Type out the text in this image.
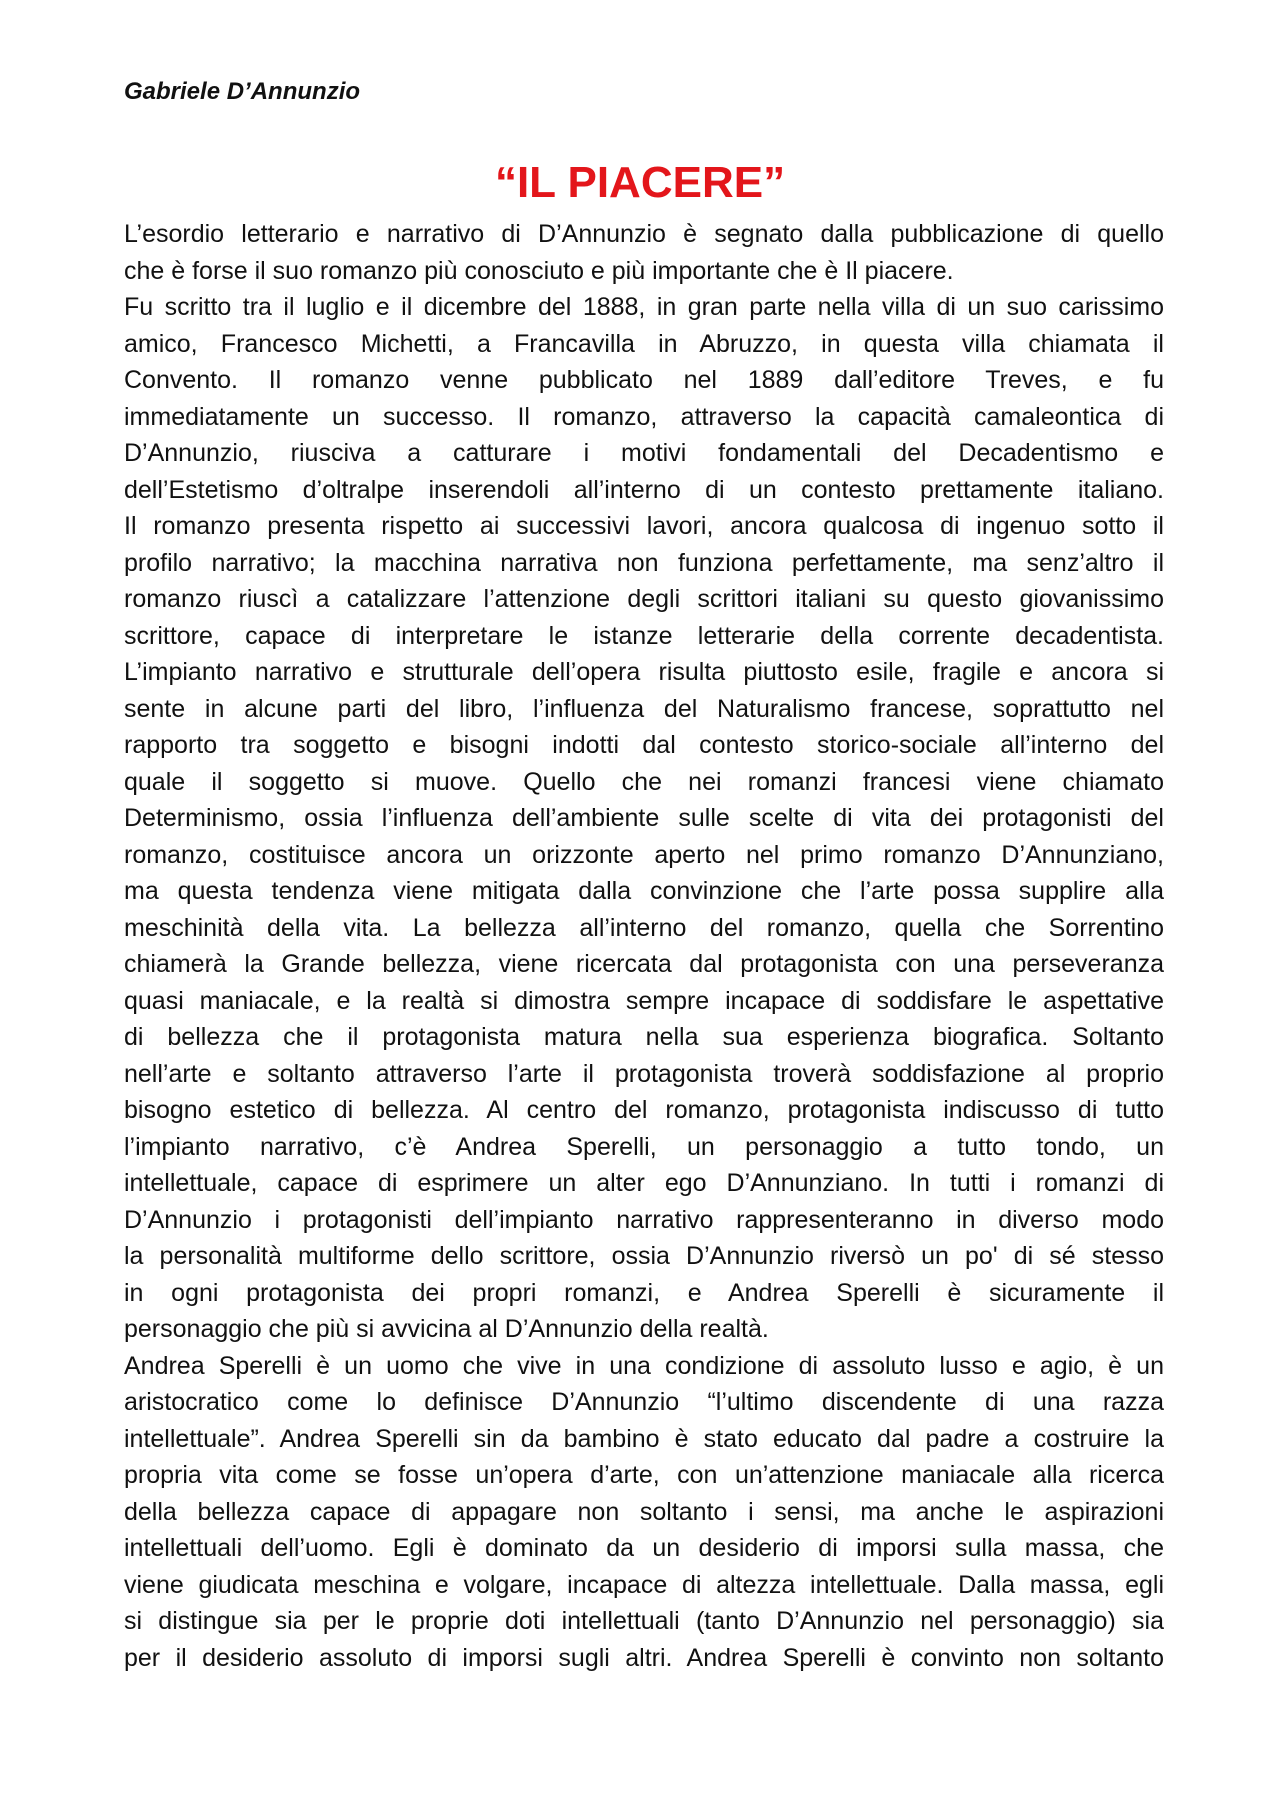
Gabriele D’Annunzio
“IL PIACERE”
L’esordio letterario e narrativo di D’Annunzio è segnato dalla pubblicazione di quello
che è forse il suo romanzo più conosciuto e più importante che è Il piacere.
Fu scritto tra il luglio e il dicembre del 1888, in gran parte nella villa di un suo carissimo
amico, Francesco Michetti, a Francavilla in Abruzzo, in questa villa chiamata il
Convento. Il romanzo venne pubblicato nel 1889 dall’editore Treves, e fu
immediatamente un successo. Il romanzo, attraverso la capacità camaleontica di
D’Annunzio, riusciva a catturare i motivi fondamentali del Decadentismo e
dell’Estetismo d’oltralpe inserendoli all’interno di un contesto prettamente italiano.
Il romanzo presenta rispetto ai successivi lavori, ancora qualcosa di ingenuo sotto il
profilo narrativo; la macchina narrativa non funziona perfettamente, ma senz’altro il
romanzo riuscì a catalizzare l’attenzione degli scrittori italiani su questo giovanissimo
scrittore, capace di interpretare le istanze letterarie della corrente decadentista.
L’impianto narrativo e strutturale dell’opera risulta piuttosto esile, fragile e ancora si
sente in alcune parti del libro, l’influenza del Naturalismo francese, soprattutto nel
rapporto tra soggetto e bisogni indotti dal contesto storico-sociale all’interno del
quale il soggetto si muove. Quello che nei romanzi francesi viene chiamato
Determinismo, ossia l’influenza dell’ambiente sulle scelte di vita dei protagonisti del
romanzo, costituisce ancora un orizzonte aperto nel primo romanzo D’Annunziano,
ma questa tendenza viene mitigata dalla convinzione che l’arte possa supplire alla
meschinità della vita. La bellezza all’interno del romanzo, quella che Sorrentino
chiamerà la Grande bellezza, viene ricercata dal protagonista con una perseveranza
quasi maniacale, e la realtà si dimostra sempre incapace di soddisfare le aspettative
di bellezza che il protagonista matura nella sua esperienza biografica. Soltanto
nell’arte e soltanto attraverso l’arte il protagonista troverà soddisfazione al proprio
bisogno estetico di bellezza. Al centro del romanzo, protagonista indiscusso di tutto
l’impianto narrativo, c’è Andrea Sperelli, un personaggio a tutto tondo, un
intellettuale, capace di esprimere un alter ego D’Annunziano. In tutti i romanzi di
D’Annunzio i protagonisti dell’impianto narrativo rappresenteranno in diverso modo
la personalità multiforme dello scrittore, ossia D’Annunzio riversò un po' di sé stesso
in ogni protagonista dei propri romanzi, e Andrea Sperelli è sicuramente il
personaggio che più si avvicina al D’Annunzio della realtà.
Andrea Sperelli è un uomo che vive in una condizione di assoluto lusso e agio, è un
aristocratico come lo definisce D’Annunzio “l’ultimo discendente di una razza
intellettuale”. Andrea Sperelli sin da bambino è stato educato dal padre a costruire la
propria vita come se fosse un’opera d’arte, con un’attenzione maniacale alla ricerca
della bellezza capace di appagare non soltanto i sensi, ma anche le aspirazioni
intellettuali dell’uomo. Egli è dominato da un desiderio di imporsi sulla massa, che
viene giudicata meschina e volgare, incapace di altezza intellettuale. Dalla massa, egli
si distingue sia per le proprie doti intellettuali (tanto D’Annunzio nel personaggio) sia
per il desiderio assoluto di imporsi sugli altri. Andrea Sperelli è convinto non soltanto
